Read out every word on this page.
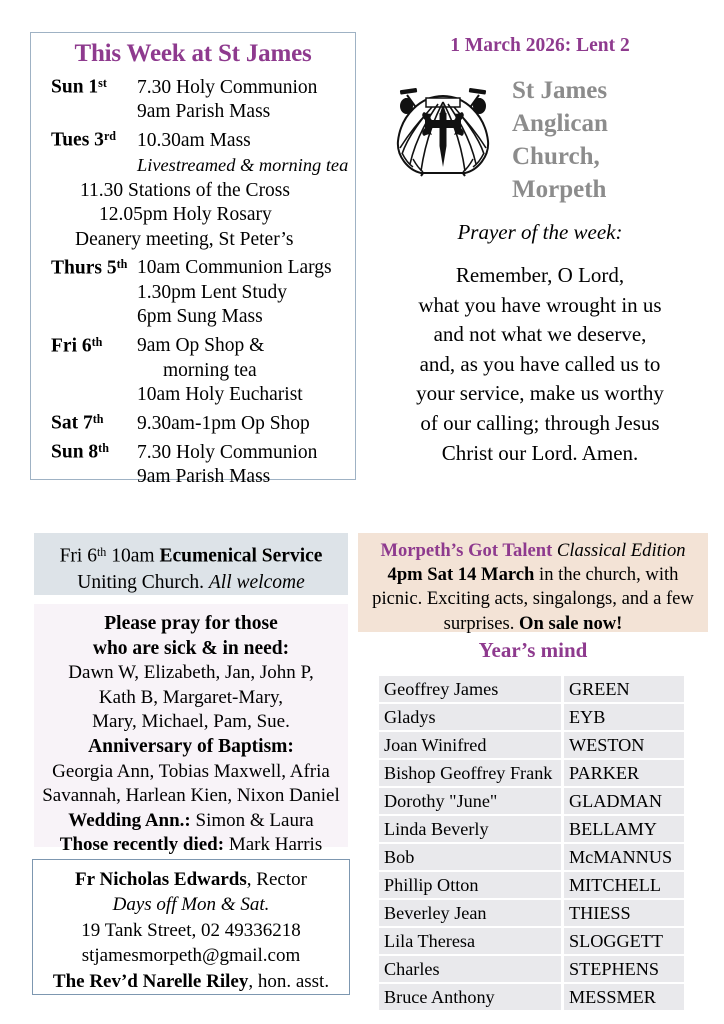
This Week at St James
Sun 1st	7.30 Holy Communion

9am Parish Mass
Tues 3rd	10.30am Mass

Livestreamed & morning tea
11.30 Stations of the Cross
12.05pm Holy Rosary
Deanery meeting, St Peter’s
Thurs 5th 10am Communion Largs

1.30pm Lent Study

6pm Sung Mass
Fri 6th	9am Op Shop &

morning tea

10am Holy Eucharist
Sat 7th	9.30am-1pm Op Shop
Sun 8th	7.30 Holy Communion

9am Parish Mass
1 March 2026: Lent 2
St James
Anglican
Church,
Morpeth
Prayer of the week:
Remember, O Lord,
what you have wrought in us
and not what we deserve,
and, as you have called us to
your service, make us worthy
of our calling; through Jesus
Christ our Lord. Amen.
Fri 6th 10am Ecumenical Service
Uniting Church. All welcome
Please pray for those
who are sick & in need:
Dawn W, Elizabeth, Jan, John P,
Kath B, Margaret-Mary,
Mary, Michael, Pam, Sue.
Anniversary of Baptism:
Georgia Ann, Tobias Maxwell, Afria
Savannah, Harlean Kien, Nixon Daniel
Wedding Ann.: Simon & Laura
Those recently died: Mark Harris
Fr Nicholas Edwards, Rector
Days off Mon & Sat.
19 Tank Street, 02 49336218
stjamesmorpeth@gmail.com
The Rev’d Narelle Riley, hon. asst.
Morpeth’s Got Talent Classical Edition
4pm Sat 14 March in the church, with
picnic. Exciting acts, singalongs, and a few
surprises. On sale now!
Year’s mind
Geoffrey James	GREEN
Gladys	EYB
Joan Winifred	WESTON
Bishop Geoffrey Frank	PARKER
Dorothy "June"	GLADMAN
Linda Beverly	BELLAMY
Bob	McMANNUS
Phillip Otton	MITCHELL
Beverley Jean	THIESS
Lila Theresa	SLOGGETT
Charles	STEPHENS
Bruce Anthony	MESSMER
